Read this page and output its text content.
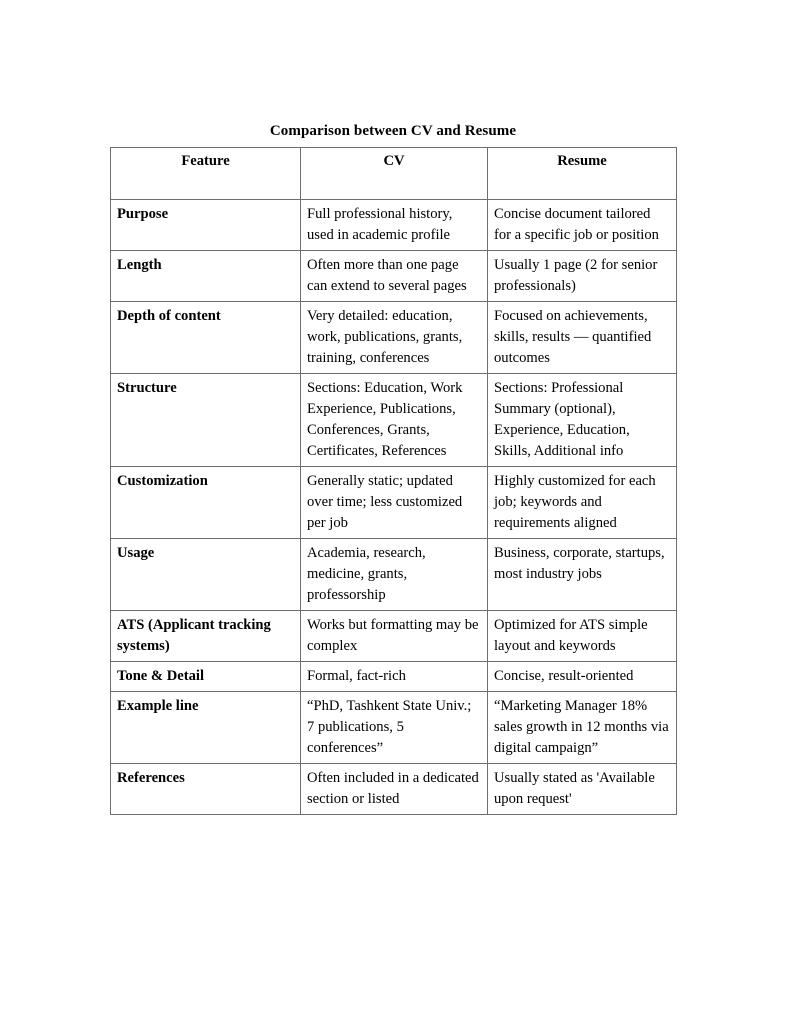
Comparison between CV and Resume
Feature	CV	Resume
Purpose	Full professional history, used in academic profile	Concise document tailored for a specific job or position
Length	Often more than one page can extend to several pages	Usually 1 page (2 for senior professionals)
Depth of content	Very detailed: education, work, publications, grants, training, conferences	Focused on achievements, skills, results — quantified outcomes
Structure	Sections: Education, Work Experience, Publications, Conferences, Grants, Certificates, References	Sections: Professional Summary (optional), Experience, Education, Skills, Additional info
Customization	Generally static; updated over time; less customized per job	Highly customized for each job; keywords and requirements aligned
Usage	Academia, research, medicine, grants, professorship	Business, corporate, startups, most industry jobs
ATS (Applicant tracking systems)	Works but formatting may be complex	Optimized for ATS simple layout and keywords
Tone & Detail	Formal, fact-rich	Concise, result-oriented
Example line	“PhD, Tashkent State Univ.; 7 publications, 5 conferences”	“Marketing Manager 18% sales growth in 12 months via digital campaign”
References	Often included in a dedicated section or listed	Usually stated as 'Available upon request'
